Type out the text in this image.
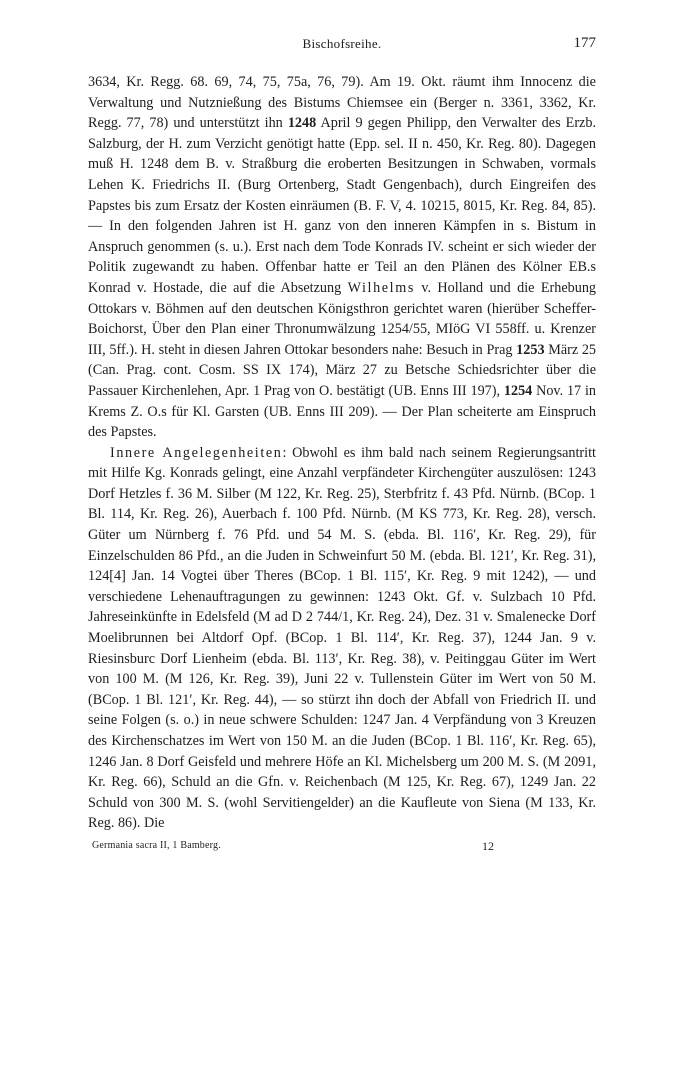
Bischofsreihe.	177

3634, Kr. Regg. 68. 69, 74, 75, 75a, 76, 79). Am 19. Okt. räumt ihm Innocenz die Verwaltung und Nutznießung des Bistums Chiemsee ein (Berger n. 3361, 3362, Kr. Regg. 77, 78) und unterstützt ihn 1248 April 9 gegen Philipp, den Verwalter des Erzb. Salzburg, der H. zum Verzicht genötigt hatte (Epp. sel. II n. 450, Kr. Reg. 80). Dagegen muß H. 1248 dem B. v. Straßburg die eroberten Besitzungen in Schwaben, vormals Lehen K. Friedrichs II. (Burg Ortenberg, Stadt Gengenbach), durch Eingreifen des Papstes bis zum Ersatz der Kosten einräumen (B. F. V, 4. 10215, 8015, Kr. Reg. 84, 85). — In den folgenden Jahren ist H. ganz von den inneren Kämpfen in s. Bistum in Anspruch genommen (s. u.). Erst nach dem Tode Konrads IV. scheint er sich wieder der Politik zugewandt zu haben. Offenbar hatte er Teil an den Plänen des Kölner EB.s Konrad v. Hostade, die auf die Absetzung Wilhelms v. Holland und die Erhebung Ottokars v. Böhmen auf den deutschen Königsthron gerichtet waren (hierüber Scheffer-Boichorst, Über den Plan einer Thronumwälzung 1254/55, MIöG VI 558ff. u. Krenzer III, 5ff.). H. steht in diesen Jahren Ottokar besonders nahe: Besuch in Prag 1253 März 25 (Can. Prag. cont. Cosm. SS IX 174), März 27 zu Betsche Schiedsrichter über die Passauer Kirchenlehen, Apr. 1 Prag von O. bestätigt (UB. Enns III 197), 1254 Nov. 17 in Krems Z. O.s für Kl. Garsten (UB. Enns III 209). — Der Plan scheiterte am Einspruch des Papstes.

Innere Angelegenheiten: Obwohl es ihm bald nach seinem Regierungsantritt mit Hilfe Kg. Konrads gelingt, eine Anzahl verpfändeter Kirchengüter auszulösen: 1243 Dorf Hetzles f. 36 M. Silber (M 122, Kr. Reg. 25), Sterbfritz f. 43 Pfd. Nürnb. (BCop. 1 Bl. 114, Kr. Reg. 26), Auerbach f. 100 Pfd. Nürnb. (M KS 773, Kr. Reg. 28), versch. Güter um Nürnberg f. 76 Pfd. und 54 M. S. (ebda. Bl. 116′, Kr. Reg. 29), für Einzelschulden 86 Pfd., an die Juden in Schweinfurt 50 M. (ebda. Bl. 121′, Kr. Reg. 31), 124[4] Jan. 14 Vogtei über Theres (BCop. 1 Bl. 115′, Kr. Reg. 9 mit 1242), — und verschiedene Lehenauftragungen zu gewinnen: 1243 Okt. Gf. v. Sulzbach 10 Pfd. Jahreseinkünfte in Edelsfeld (M ad D 2 744/1, Kr. Reg. 24), Dez. 31 v. Smalenecke Dorf Moelibrunnen bei Altdorf Opf. (BCop. 1 Bl. 114′, Kr. Reg. 37), 1244 Jan. 9 v. Riesinsburc Dorf Lienheim (ebda. Bl. 113′, Kr. Reg. 38), v. Peitinggau Güter im Wert von 100 M. (M 126, Kr. Reg. 39), Juni 22 v. Tullenstein Güter im Wert von 50 M. (BCop. 1 Bl. 121′, Kr. Reg. 44), — so stürzt ihn doch der Abfall von Friedrich II. und seine Folgen (s. o.) in neue schwere Schulden: 1247 Jan. 4 Verpfändung von 3 Kreuzen des Kirchenschatzes im Wert von 150 M. an die Juden (BCop. 1 Bl. 116′, Kr. Reg. 65), 1246 Jan. 8 Dorf Geisfeld und mehrere Höfe an Kl. Michelsberg um 200 M. S. (M 2091, Kr. Reg. 66), Schuld an die Gfn. v. Reichenbach (M 125, Kr. Reg. 67), 1249 Jan. 22 Schuld von 300 M. S. (wohl Servitiengelder) an die Kaufleute von Siena (M 133, Kr. Reg. 86). Die

Germania sacra II, 1 Bamberg.	12
